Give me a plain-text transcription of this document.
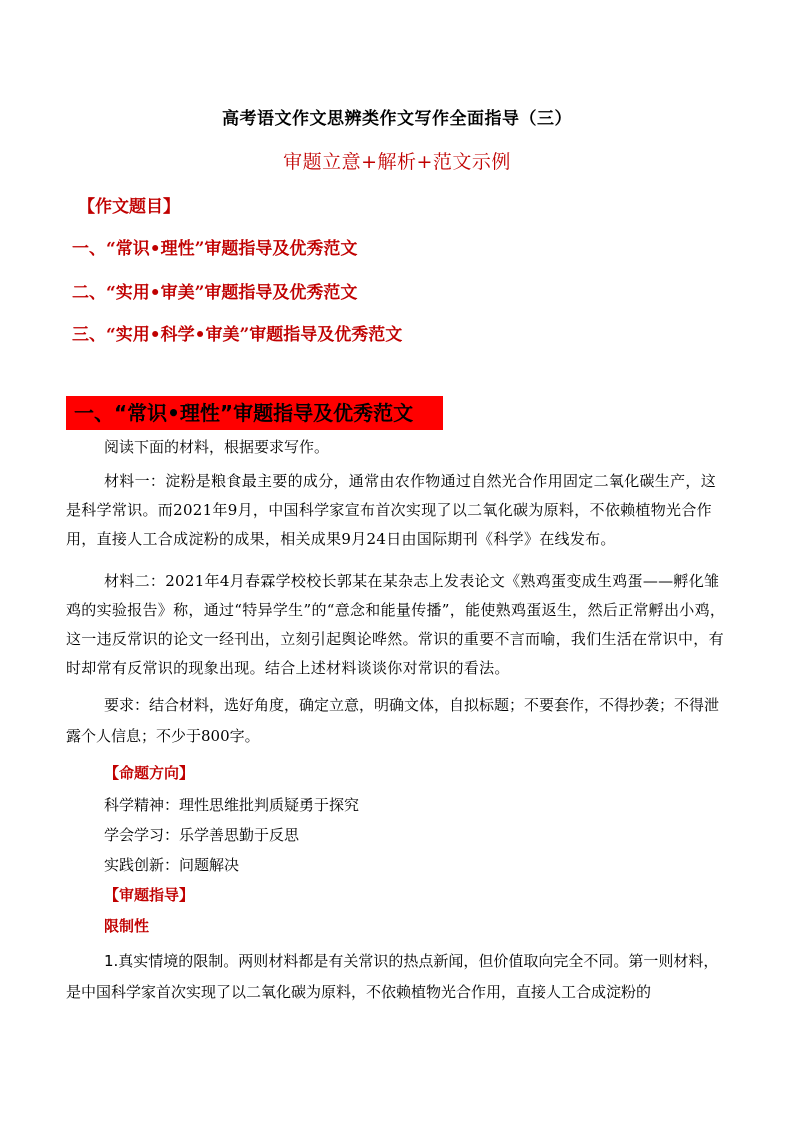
高考语文作文思辨类作文写作全面指导（三）
审题立意+解析+范文示例
【作文题目】
一、“常识•理性”审题指导及优秀范文
二、“实用•审美”审题指导及优秀范文
三、“实用•科学•审美”审题指导及优秀范文
一、“常识•理性”审题指导及优秀范文
阅读下面的材料，根据要求写作。
材料一：淀粉是粮食最主要的成分，通常由农作物通过自然光合作用固定二氧化碳生产，这是科学常识。而2021年9月，中国科学家宣布首次实现了以二氧化碳为原料，不依赖植物光合作用，直接人工合成淀粉的成果，相关成果9月24日由国际期刊《科学》在线发布。
材料二：2021年4月春霖学校校长郭某在某杂志上发表论文《熟鸡蛋变成生鸡蛋——孵化雏鸡的实验报告》称，通过“特异学生”的“意念和能量传播”，能使熟鸡蛋返生，然后正常孵出小鸡，这一违反常识的论文一经刊出，立刻引起舆论哗然。常识的重要不言而喻，我们生活在常识中，有时却常有反常识的现象出现。结合上述材料谈谈你对常识的看法。
要求：结合材料，选好角度，确定立意，明确文体，自拟标题；不要套作，不得抄袭；不得泄露个人信息；不少于800字。
【命题方向】
科学精神：理性思维批判质疑勇于探究
学会学习：乐学善思勤于反思
实践创新：问题解决
【审题指导】
限制性
1.真实情境的限制。两则材料都是有关常识的热点新闻，但价值取向完全不同。第一则材料，是中国科学家首次实现了以二氧化碳为原料，不依赖植物光合作用，直接人工合成淀粉的
